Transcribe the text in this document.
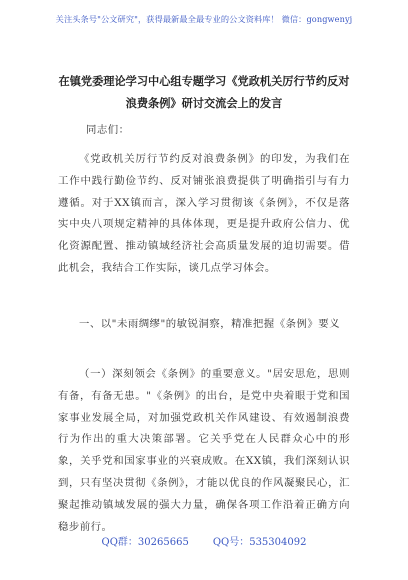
关注头条号"公文研究"，获得最新最全最专业的公文资料库！ 微信：gongwenyj
在镇党委理论学习中心组专题学习《党政机关厉行节约反对浪费条例》研讨交流会上的发言
同志们：
《党政机关厉行节约反对浪费条例》的印发，为我们在工作中践行勤俭节约、反对铺张浪费提供了明确指引与有力遵循。对于XX镇而言，深入学习贯彻该《条例》，不仅是落实中央八项规定精神的具体体现，更是提升政府公信力、优化资源配置、推动镇域经济社会高质量发展的迫切需要。借此机会，我结合工作实际，谈几点学习体会。
一、以"未雨绸缪"的敏锐洞察，精准把握《条例》要义
（一）深刻领会《条例》的重要意义。"居安思危，思则有备，有备无患。"《条例》的出台，是党中央着眼于党和国家事业发展全局，对加强党政机关作风建设、有效遏制浪费行为作出的重大决策部署。它关乎党在人民群众心中的形象，关乎党和国家事业的兴衰成败。在XX镇，我们深刻认识到，只有坚决贯彻《条例》，才能以优良的作风凝聚民心，汇聚起推动镇域发展的强大力量，确保各项工作沿着正确方向稳步前行。
QQ群：30265665 QQ号：535304092
